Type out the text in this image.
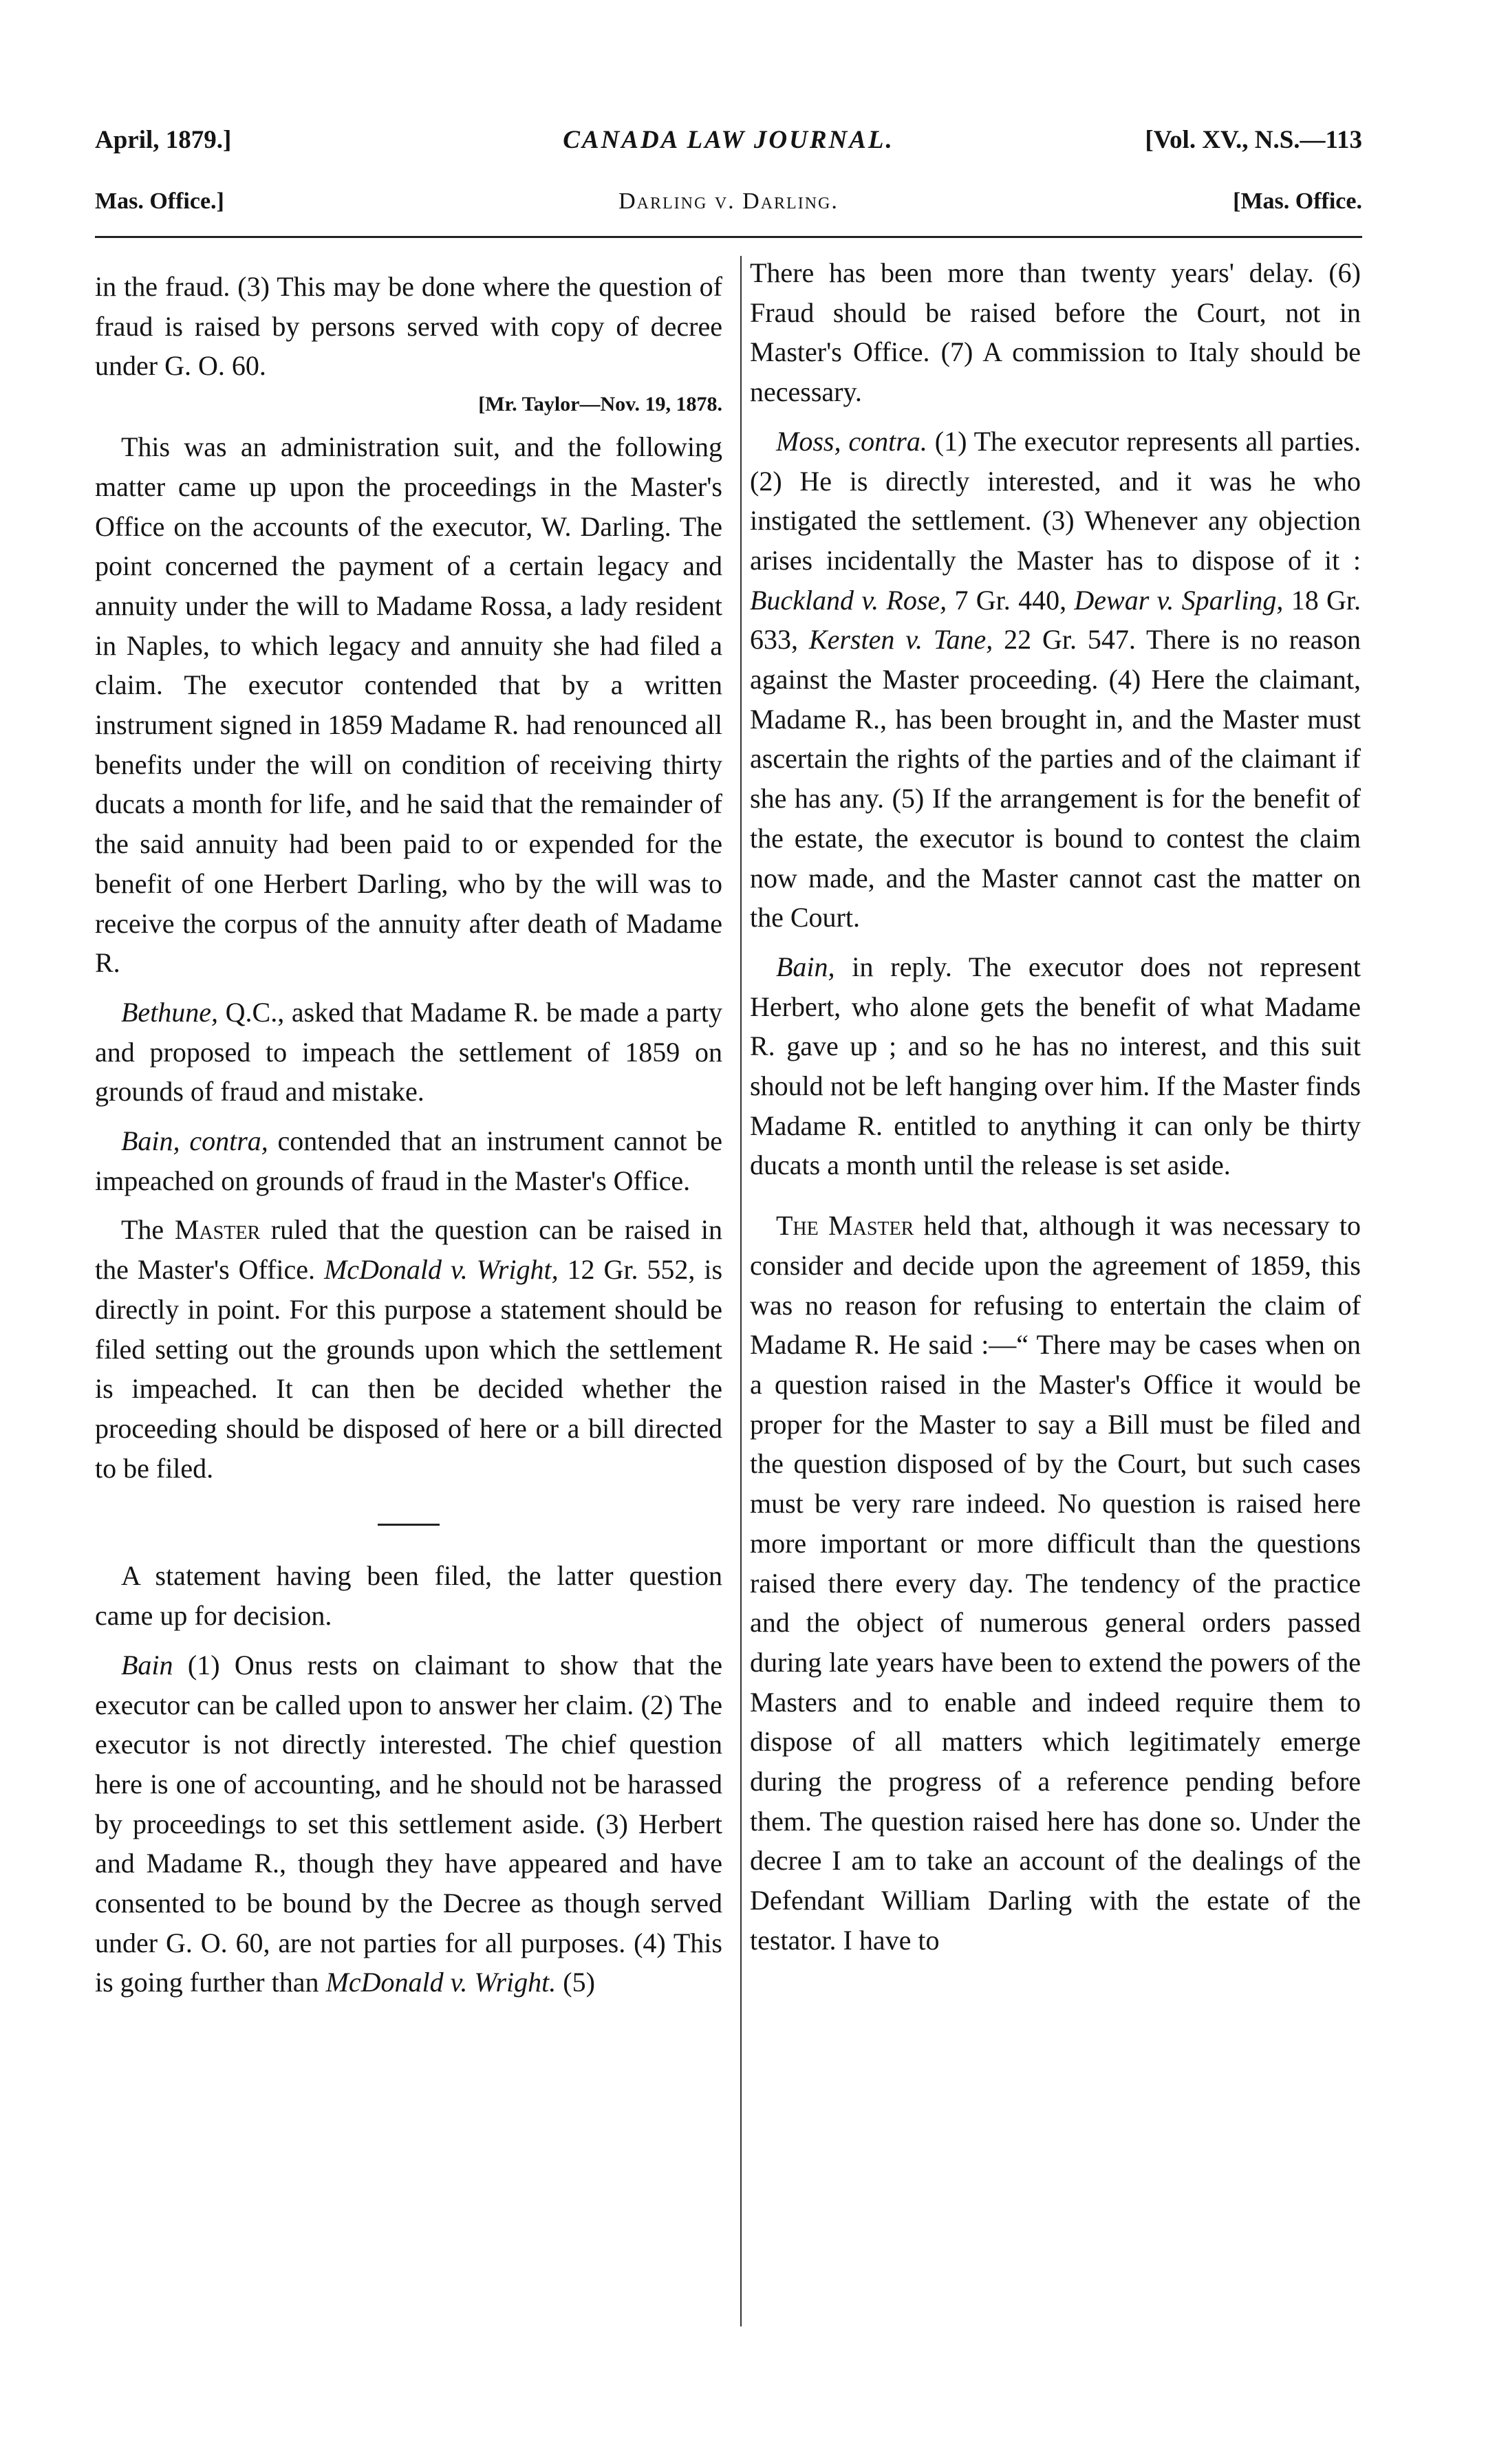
April, 1879.]	CANADA LAW JOURNAL.	[Vol. XV., N.S.—113
Mas. Office.]	Darling v. Darling.	[Mas. Office.

in the fraud. (3) This may be done where the question of fraud is raised by persons served with copy of decree under G. O. 60.

[Mr. Taylor—Nov. 19, 1878.

This was an administration suit, and the following matter came up upon the proceedings in the Master's Office on the accounts of the executor, W. Darling. The point concerned the payment of a certain legacy and annuity under the will to Madame Rossa, a lady resident in Naples, to which legacy and annuity she had filed a claim. The executor contended that by a written instrument signed in 1859 Madame R. had renounced all benefits under the will on condition of receiving thirty ducats a month for life, and he said that the remainder of the said annuity had been paid to or expended for the benefit of one Herbert Darling, who by the will was to receive the corpus of the annuity after death of Madame R.

Bethune, Q.C., asked that Madame R. be made a party and proposed to impeach the settlement of 1859 on grounds of fraud and mistake.

Bain, contra, contended that an instrument cannot be impeached on grounds of fraud in the Master's Office.

The Master ruled that the question can be raised in the Master's Office. McDonald v. Wright, 12 Gr. 552, is directly in point. For this purpose a statement should be filed setting out the grounds upon which the settlement is impeached. It can then be decided whether the proceeding should be disposed of here or a bill directed to be filed.

A statement having been filed, the latter question came up for decision.

Bain (1) Onus rests on claimant to show that the executor can be called upon to answer her claim. (2) The executor is not directly interested. The chief question here is one of accounting, and he should not be harassed by proceedings to set this settlement aside. (3) Herbert and Madame R., though they have appeared and have consented to be bound by the Decree as though served under G. O. 60, are not parties for all purposes. (4) This is going further than McDonald v. Wright. (5)

There has been more than twenty years' delay. (6) Fraud should be raised before the Court, not in Master's Office. (7) A commission to Italy should be necessary.

Moss, contra. (1) The executor represents all parties. (2) He is directly interested, and it was he who instigated the settlement. (3) Whenever any objection arises incidentally the Master has to dispose of it : Buckland v. Rose, 7 Gr. 440, Dewar v. Sparling, 18 Gr. 633, Kersten v. Tane, 22 Gr. 547. There is no reason against the Master proceeding. (4) Here the claimant, Madame R., has been brought in, and the Master must ascertain the rights of the parties and of the claimant if she has any. (5) If the arrangement is for the benefit of the estate, the executor is bound to contest the claim now made, and the Master cannot cast the matter on the Court.

Bain, in reply. The executor does not represent Herbert, who alone gets the benefit of what Madame R. gave up ; and so he has no interest, and this suit should not be left hanging over him. If the Master finds Madame R. entitled to anything it can only be thirty ducats a month until the release is set aside.

The Master held that, although it was necessary to consider and decide upon the agreement of 1859, this was no reason for refusing to entertain the claim of Madame R. He said :—“ There may be cases when on a question raised in the Master's Office it would be proper for the Master to say a Bill must be filed and the question disposed of by the Court, but such cases must be very rare indeed. No question is raised here more important or more difficult than the questions raised there every day. The tendency of the practice and the object of numerous general orders passed during late years have been to extend the powers of the Masters and to enable and indeed require them to dispose of all matters which legitimately emerge during the progress of a reference pending before them. The question raised here has done so. Under the decree I am to take an account of the dealings of the Defendant William Darling with the estate of the testator. I have to
